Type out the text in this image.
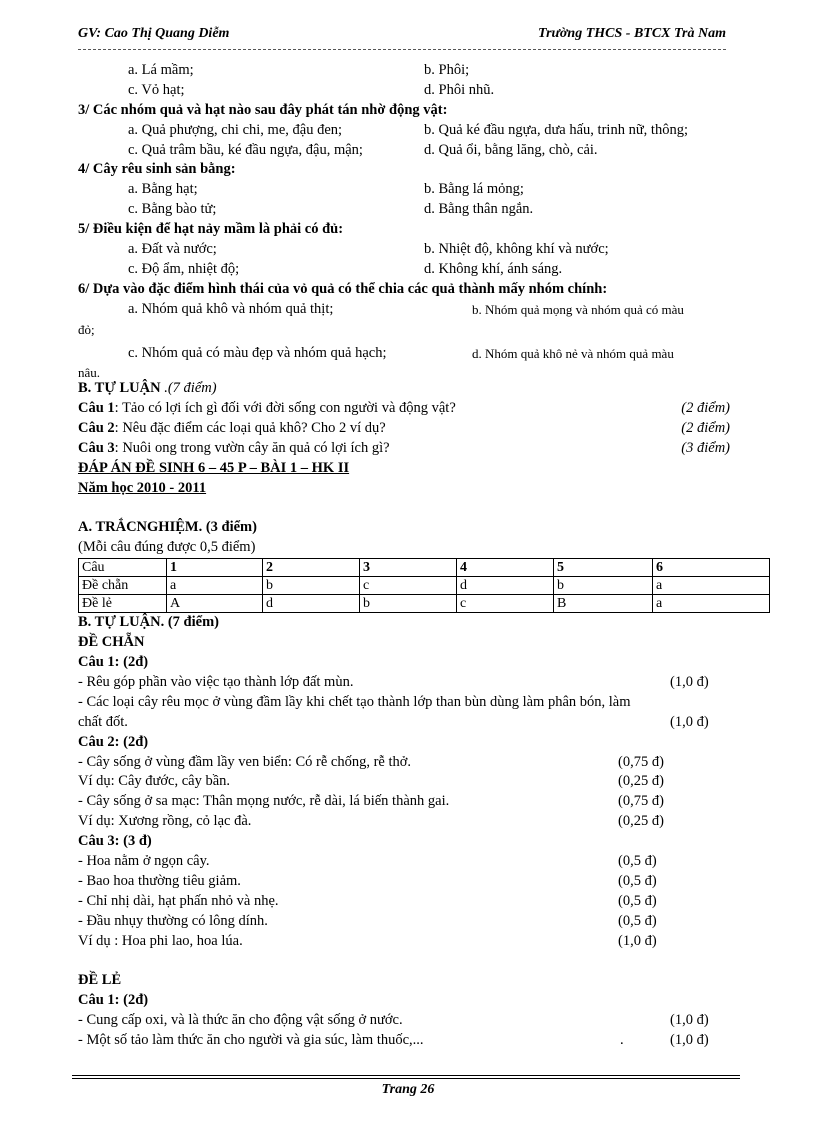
GV: Cao Thị Quang Diễm	Trường THCS - BTCX Trà Nam
a. Lá mầm;	b. Phôi;
c. Vỏ hạt;	d. Phôi nhũ.
3/ Các nhóm quả và hạt nào sau đây phát tán nhờ động vật:
a. Quả phượng, chi chi, me, đậu đen;	b. Quả ké đầu ngựa, dưa hấu, trinh nữ, thông;
c. Quả trâm bầu, ké đầu ngựa, đậu, mận;	d. Quả ổi, bằng lăng, chò, cải.
4/ Cây rêu sinh sản bằng:
a. Bằng hạt;	b. Bằng lá mỏng;
c. Bằng bào tử;	d. Bằng thân ngắn.
5/ Điều kiện để hạt nảy mầm là phải có đủ:
a. Đất và nước;	b. Nhiệt độ, không khí và nước;
c. Độ ẩm, nhiệt độ;	d. Không khí, ánh sáng.
6/ Dựa vào đặc điểm hình thái của vỏ quả có thể chia các quả thành mấy nhóm chính:
a. Nhóm quả khô và nhóm quả thịt;	b. Nhóm quả mọng và nhóm quả có màu
đỏ;
c. Nhóm quả có màu đẹp và nhóm quả hạch;	d. Nhóm quả khô nẻ và nhóm quả màu
nâu.
B. TỰ LUẬN .(7 điểm)
Câu 1: Tảo có lợi ích gì đối với đời sống con người và động vật?	(2 điểm)
Câu 2: Nêu đặc điểm các loại quả khô? Cho 2 ví dụ?	(2 điểm)
Câu 3: Nuôi ong trong vườn cây ăn quả có lợi ích gì?	(3 điểm)
ĐÁP ÁN ĐỀ SINH 6 – 45 P – BÀI 1 – HK II
Năm học 2010 - 2011
A. TRẮCNGHIỆM. (3 điểm)
(Mỗi câu đúng được 0,5 điểm)
Câu	1	2	3	4	5	6
Đề chẵn	a	b	c	d	b	a
Đề lẻ	A	d	b	c	B	a
B. TỰ LUẬN. (7 điểm)
ĐỀ CHẴN
Câu 1: (2đ)
- Rêu góp phần vào việc tạo thành lớp đất mùn.	(1,0 đ)
- Các loại cây rêu mọc ở vùng đầm lầy khi chết tạo thành lớp than bùn dùng làm phân bón, làm
chất đốt.	(1,0 đ)
Câu 2: (2đ)
- Cây sống ở vùng đầm lầy ven biển: Có rễ chống, rễ thở.	(0,75 đ)
Ví dụ: Cây đước, cây bần.	(0,25 đ)
- Cây sống ở sa mạc: Thân mọng nước, rễ dài, lá biến thành gai.	(0,75 đ)
Ví dụ: Xương rồng, cỏ lạc đà.	(0,25 đ)
Câu 3: (3 đ)
- Hoa nằm ở ngọn cây.	(0,5 đ)
- Bao hoa thường tiêu giảm.	(0,5 đ)
- Chỉ nhị dài, hạt phấn nhỏ và nhẹ.	(0,5 đ)
- Đầu nhụy thường có lông dính.	(0,5 đ)
Ví dụ : Hoa phi lao, hoa lúa.	(1,0 đ)
ĐỀ LẺ
Câu 1: (2đ)
- Cung cấp oxi, và là thức ăn cho động vật sống ở nước.	(1,0 đ)
- Một số tảo làm thức ăn cho người và gia súc, làm thuốc,...	.	(1,0 đ)
Trang 26
